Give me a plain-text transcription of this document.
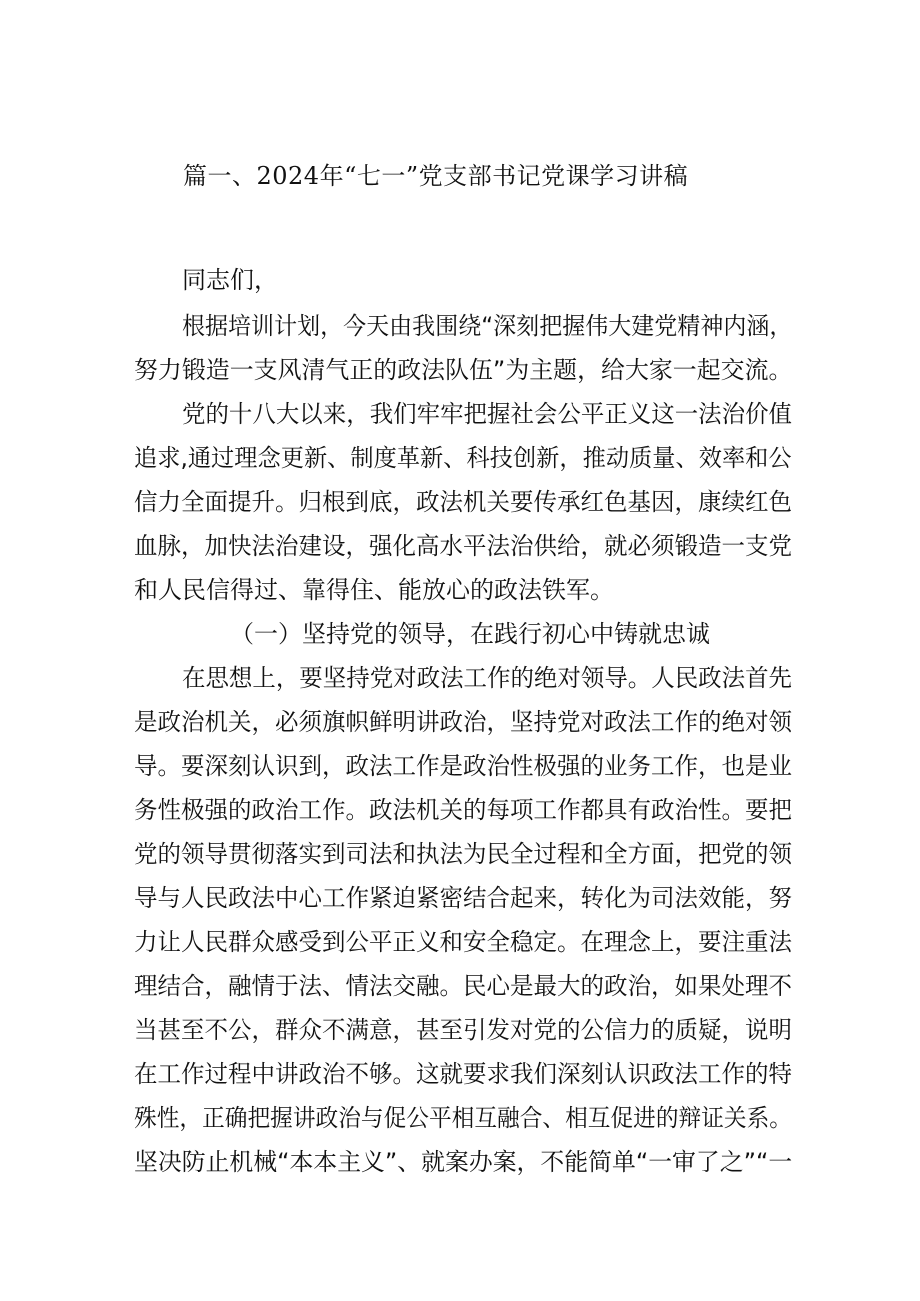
篇一、2024年“七一”党支部书记党课学习讲稿
同志们，
根据培训计划，今天由我围绕“深刻把握伟大建党精神内涵，
努力锻造一支风清气正的政法队伍”为主题，给大家一起交流。
党的十八大以来，我们牢牢把握社会公平正义这一法治价值
追求,通过理念更新、制度革新、科技创新，推动质量、效率和公
信力全面提升。归根到底，政法机关要传承红色基因，康续红色
血脉，加快法治建设，强化高水平法治供给，就必须锻造一支党
和人民信得过、靠得住、能放心的政法铁军。
（一）坚持党的领导，在践行初心中铸就忠诚
在思想上，要坚持党对政法工作的绝对领导。人民政法首先
是政治机关，必须旗帜鲜明讲政治，坚持党对政法工作的绝对领
导。要深刻认识到，政法工作是政治性极强的业务工作，也是业
务性极强的政治工作。政法机关的每项工作都具有政治性。要把
党的领导贯彻落实到司法和执法为民全过程和全方面，把党的领
导与人民政法中心工作紧迫紧密结合起来，转化为司法效能，努
力让人民群众感受到公平正义和安全稳定。在理念上，要注重法
理结合，融情于法、情法交融。民心是最大的政治，如果处理不
当甚至不公，群众不满意，甚至引发对党的公信力的质疑，说明
在工作过程中讲政治不够。这就要求我们深刻认识政法工作的特
殊性，正确把握讲政治与促公平相互融合、相互促进的辩证关系。
坚决防止机械“本本主义”、就案办案，不能简单“一审了之”“一
